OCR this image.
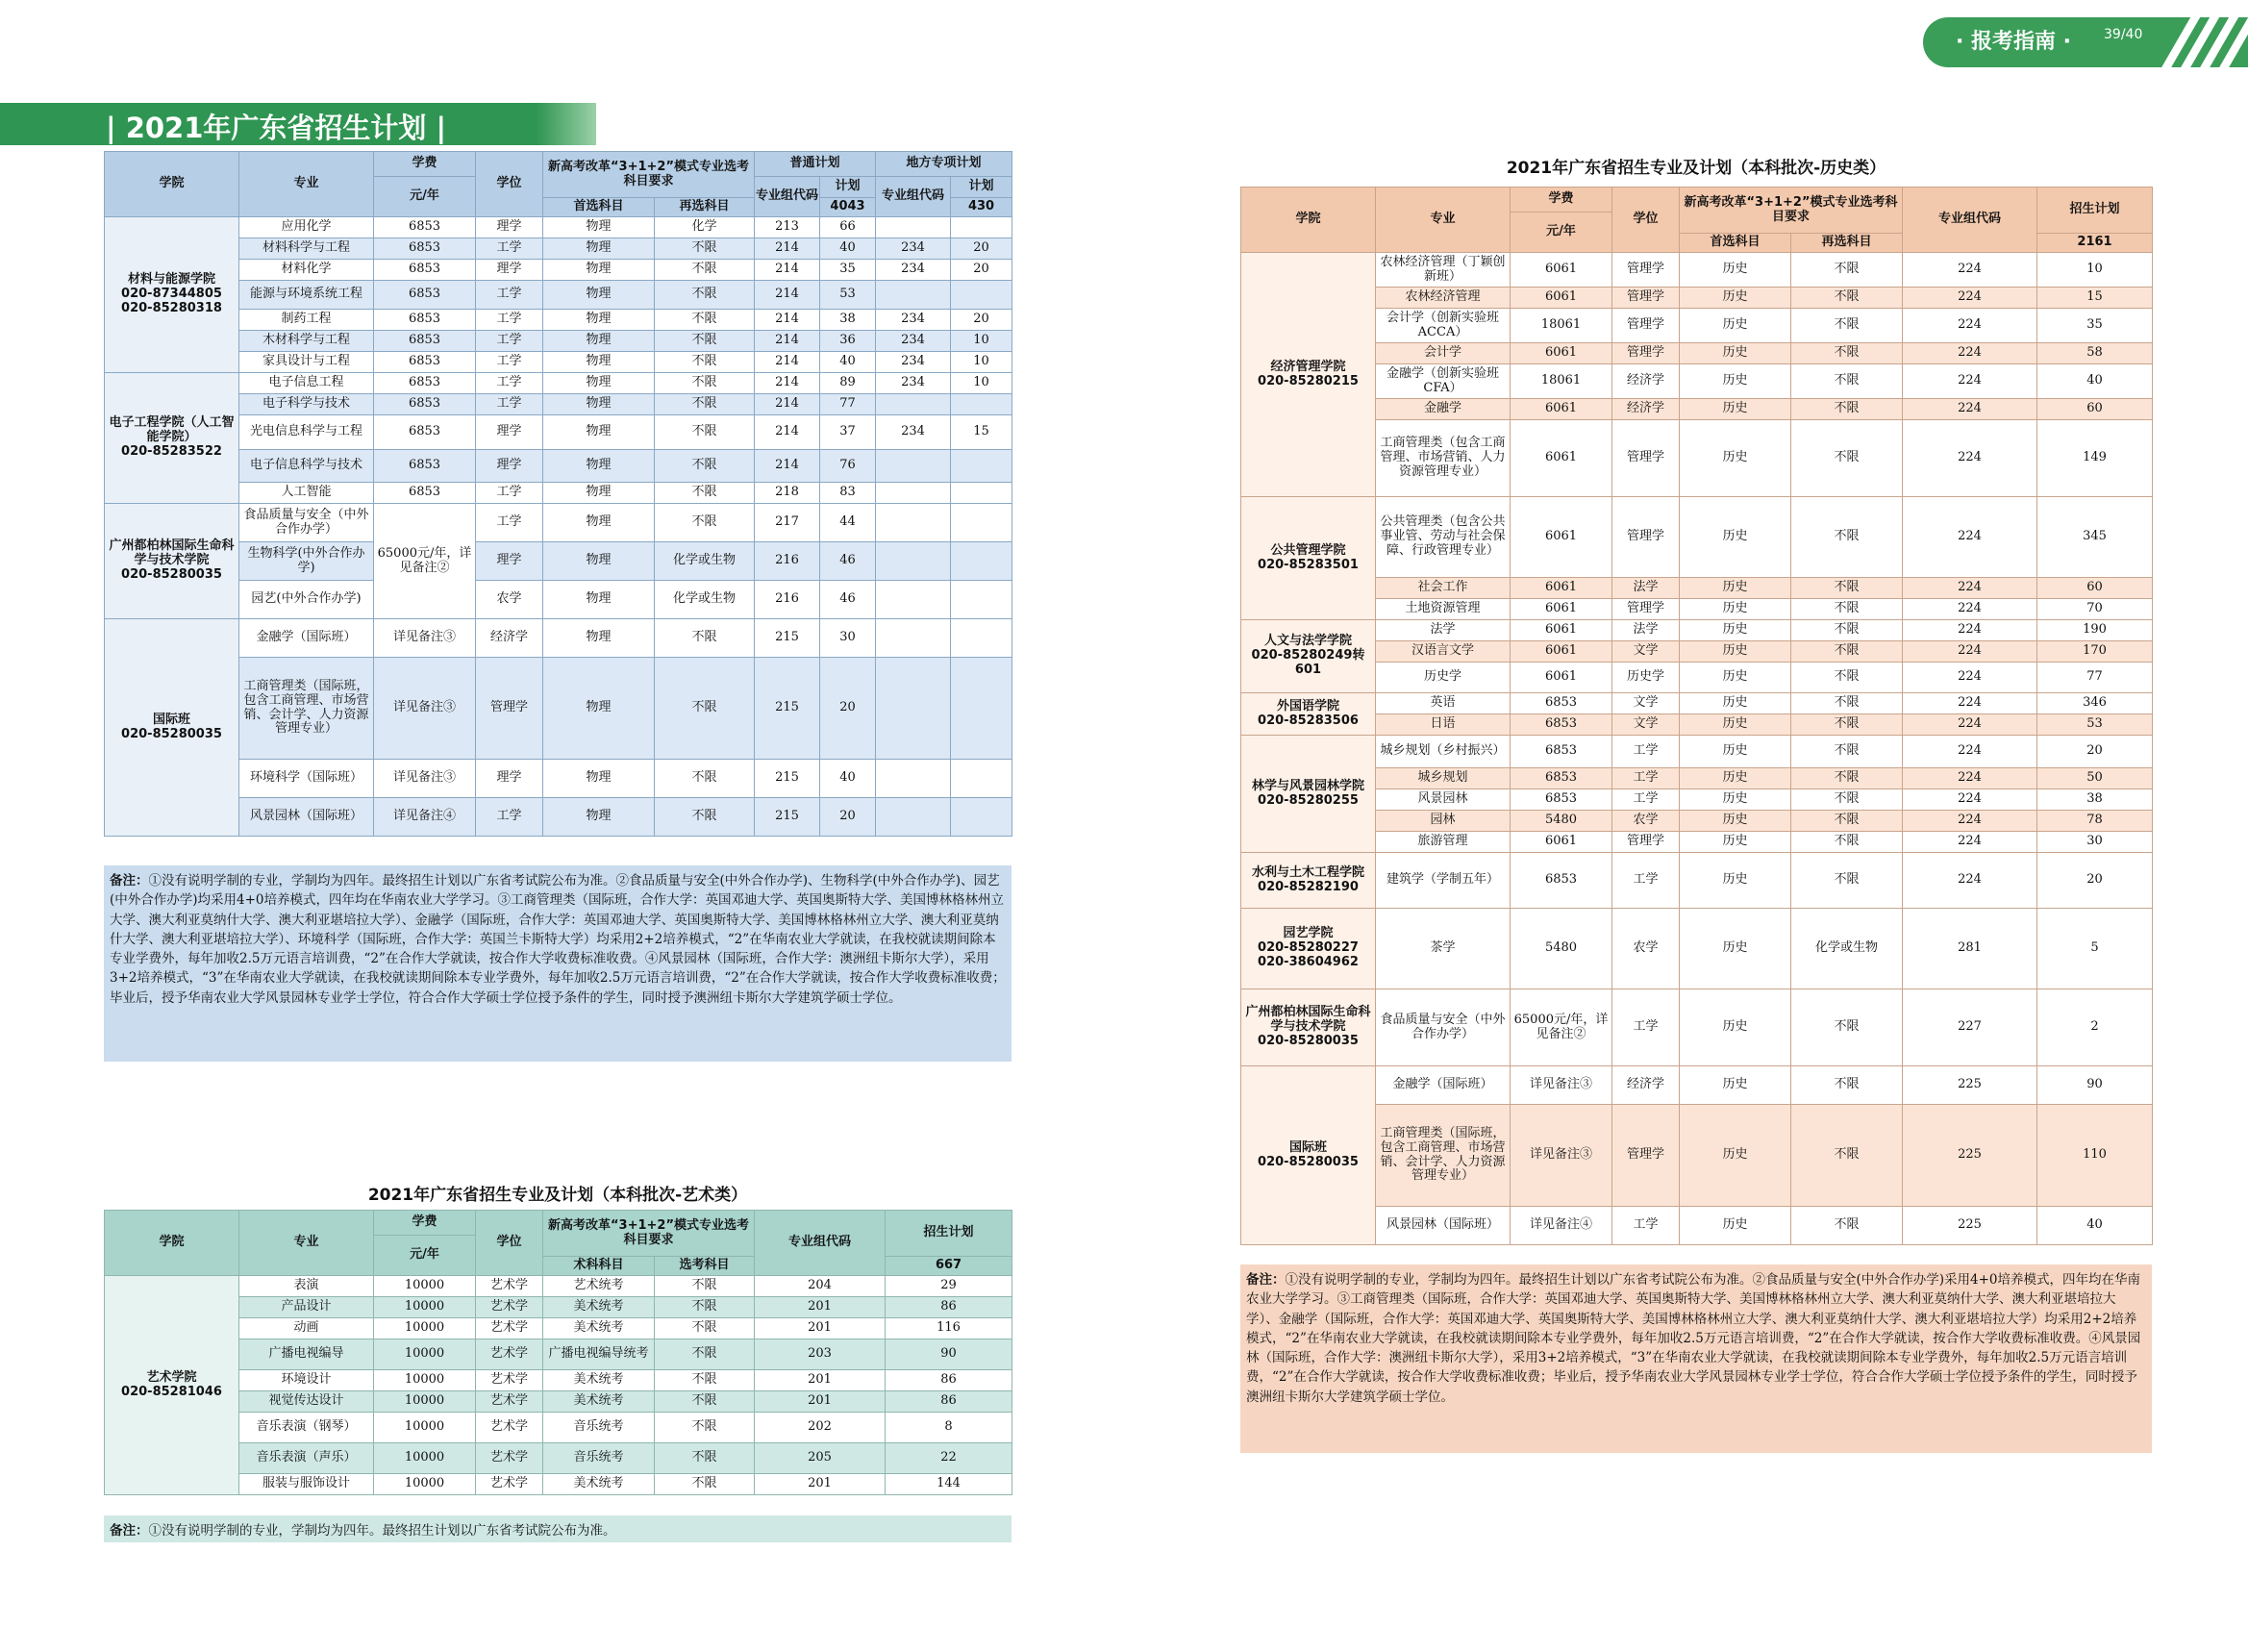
· 报考指南 · 39/40
| 2021年广东省招生计划 |
学院	专业	学费	学位	新高考改革“3+1+2”模式专业选考科目要求		普通计划		地方专项计划	
		元/年				专业组代码	计划	专业组代码	计划
				首选科目	再选科目		4043		430
材料与能源学院
020-87344805
020-85280318	应用化学	6853	理学	物理	化学	213	66		
	材料科学与工程	6853	工学	物理	不限	214	40	234	20
	材料化学	6853	理学	物理	不限	214	35	234	20
	能源与环境系统工程	6853	工学	物理	不限	214	53		
	制药工程	6853	工学	物理	不限	214	38	234	20
	木材科学与工程	6853	工学	物理	不限	214	36	234	10
	家具设计与工程	6853	工学	物理	不限	214	40	234	10
电子工程学院（人工智能学院）
020-85283522	电子信息工程	6853	工学	物理	不限	214	89	234	10
	电子科学与技术	6853	工学	物理	不限	214	77		
	光电信息科学与工程	6853	理学	物理	不限	214	37	234	15
	电子信息科学与技术	6853	理学	物理	不限	214	76		
	人工智能	6853	工学	物理	不限	218	83		
广州都柏林国际生命科学与技术学院
020-85280035	食品质量与安全（中外合作办学）	65000元/年，详见备注②	工学	物理	不限	217	44		
	生物科学(中外合作办学)		理学	物理	化学或生物	216	46		
	园艺(中外合作办学)		农学	物理	化学或生物	216	46		
国际班
020-85280035	金融学（国际班）	详见备注③	经济学	物理	不限	215	30		
	工商管理类（国际班，包含工商管理、市场营销、会计学、人力资源管理专业）	详见备注③	管理学	物理	不限	215	20		
	环境科学（国际班）	详见备注③	理学	物理	不限	215	40		
	风景园林（国际班）	详见备注④	工学	物理	不限	215	20		
备注：①没有说明学制的专业，学制均为四年。最终招生计划以广东省考试院公布为准。②食品质量与安全(中外合作办学)、生物科学(中外合作办学)、园艺(中外合作办学)均采用4+0培养模式，四年均在华南农业大学学习。③工商管理类（国际班，合作大学：英国邓迪大学、英国奥斯特大学、美国博林格林州立大学、澳大利亚莫纳什大学、澳大利亚堪培拉大学）、金融学（国际班，合作大学：英国邓迪大学、英国奥斯特大学、美国博林格林州立大学、澳大利亚莫纳什大学、澳大利亚堪培拉大学）、环境科学（国际班，合作大学：英国兰卡斯特大学）均采用2+2培养模式，“2”在华南农业大学就读，在我校就读期间除本专业学费外，每年加收2.5万元语言培训费，“2”在合作大学就读，按合作大学收费标准收费。④风景园林（国际班，合作大学：澳洲纽卡斯尔大学），采用3+2培养模式，“3”在华南农业大学就读，在我校就读期间除本专业学费外，每年加收2.5万元语言培训费，“2”在合作大学就读，按合作大学收费标准收费；毕业后，授予华南农业大学风景园林专业学士学位，符合合作大学硕士学位授予条件的学生，同时授予澳洲纽卡斯尔大学建筑学硕士学位。
2021年广东省招生专业及计划（本科批次-艺术类）
学院	专业	学费	学位	新高考改革“3+1+2”模式专业选考科目要求		专业组代码	招生计划
		元/年					
				术科科目	选考科目		667
艺术学院
020-85281046	表演	10000	艺术学	艺术统考	不限	204	29
	产品设计	10000	艺术学	美术统考	不限	201	86
	动画	10000	艺术学	美术统考	不限	201	116
	广播电视编导	10000	艺术学	广播电视编导统考	不限	203	90
	环境设计	10000	艺术学	美术统考	不限	201	86
	视觉传达设计	10000	艺术学	美术统考	不限	201	86
	音乐表演（钢琴）	10000	艺术学	音乐统考	不限	202	8
	音乐表演（声乐）	10000	艺术学	音乐统考	不限	205	22
	服装与服饰设计	10000	艺术学	美术统考	不限	201	144
备注：①没有说明学制的专业，学制均为四年。最终招生计划以广东省考试院公布为准。
2021年广东省招生专业及计划（本科批次-历史类）
学院	专业	学费	学位	新高考改革“3+1+2”模式专业选考科目要求		专业组代码	招生计划
		元/年					
				首选科目	再选科目		2161
经济管理学院
020-85280215	农林经济管理（丁颖创新班）	6061	管理学	历史	不限	224	10
	农林经济管理	6061	管理学	历史	不限	224	15
	会计学（创新实验班ACCA）	18061	管理学	历史	不限	224	35
	会计学	6061	管理学	历史	不限	224	58
	金融学（创新实验班CFA）	18061	经济学	历史	不限	224	40
	金融学	6061	经济学	历史	不限	224	60
	工商管理类（包含工商管理、市场营销、人力资源管理专业）	6061	管理学	历史	不限	224	149
公共管理学院
020-85283501	公共管理类（包含公共事业管、劳动与社会保障、行政管理专业）	6061	管理学	历史	不限	224	345
	社会工作	6061	法学	历史	不限	224	60
	土地资源管理	6061	管理学	历史	不限	224	70
人文与法学学院
020-85280249转601	法学	6061	法学	历史	不限	224	190
	汉语言文学	6061	文学	历史	不限	224	170
	历史学	6061	历史学	历史	不限	224	77
外国语学院
020-85283506	英语	6853	文学	历史	不限	224	346
	日语	6853	文学	历史	不限	224	53
林学与风景园林学院020-85280255	城乡规划（乡村振兴）	6853	工学	历史	不限	224	20
	城乡规划	6853	工学	历史	不限	224	50
	风景园林	6853	工学	历史	不限	224	38
	园林	5480	农学	历史	不限	224	78
	旅游管理	6061	管理学	历史	不限	224	30
水利与土木工程学院 020-85282190	建筑学（学制五年）	6853	工学	历史	不限	224	20
园艺学院
020-85280227
020-38604962	茶学	5480	农学	历史	化学或生物	281	5
广州都柏林国际生命科学与技术学院
020-85280035	食品质量与安全（中外合作办学）	65000元/年，详见备注②	工学	历史	不限	227	2
国际班
020-85280035	金融学（国际班）	详见备注③	经济学	历史	不限	225	90
	工商管理类（国际班，包含工商管理、市场营销、会计学、人力资源管理专业）	详见备注③	管理学	历史	不限	225	110
	风景园林（国际班）	详见备注④	工学	历史	不限	225	40
备注：①没有说明学制的专业，学制均为四年。最终招生计划以广东省考试院公布为准。②食品质量与安全(中外合作办学)采用4+0培养模式，四年均在华南农业大学学习。③工商管理类（国际班，合作大学：英国邓迪大学、英国奥斯特大学、美国博林格林州立大学、澳大利亚莫纳什大学、澳大利亚堪培拉大学）、金融学（国际班，合作大学：英国邓迪大学、英国奥斯特大学、美国博林格林州立大学、澳大利亚莫纳什大学、澳大利亚堪培拉大学）均采用2+2培养模式，“2”在华南农业大学就读，在我校就读期间除本专业学费外，每年加收2.5万元语言培训费，“2”在合作大学就读，按合作大学收费标准收费。④风景园林（国际班，合作大学：澳洲纽卡斯尔大学），采用3+2培养模式，“3”在华南农业大学就读，在我校就读期间除本专业学费外，每年加收2.5万元语言培训费，“2”在合作大学就读，按合作大学收费标准收费；毕业后，授予华南农业大学风景园林专业学士学位，符合合作大学硕士学位授予条件的学生，同时授予澳洲纽卡斯尔大学建筑学硕士学位。
